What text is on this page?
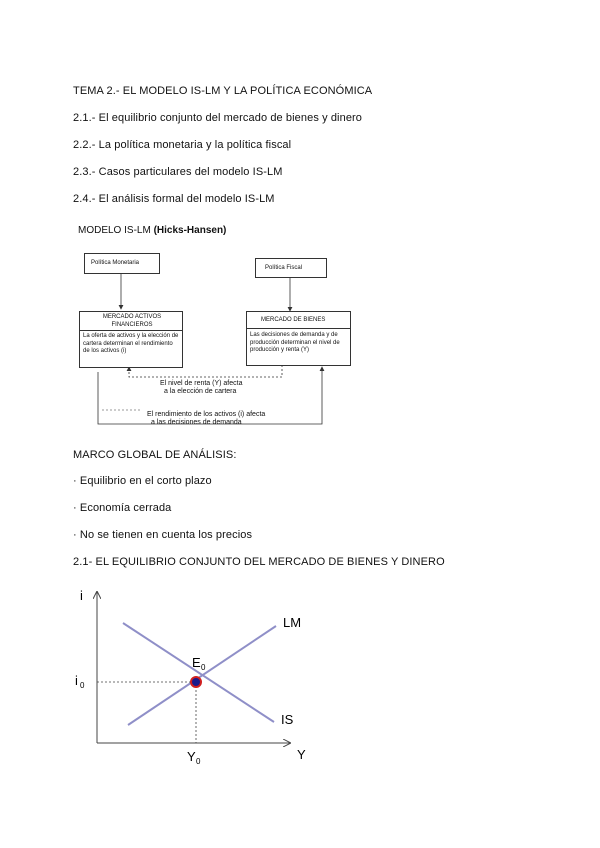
TEMA 2.- EL MODELO IS-LM Y LA POLÍTICA ECONÓMICA
2.1.- El equilibrio conjunto del mercado de bienes y dinero
2.2.- La política monetaria y la política fiscal
2.3.- Casos particulares del modelo IS-LM
2.4.- El análisis formal del modelo IS-LM
MODELO IS-LM (Hicks-Hansen)
Política Monetaria
Política Fiscal
MERCADO ACTIVOS FINANCIEROS
La oferta de activos y la elección de cartera determinan el rendimiento de los activos (i)
MERCADO DE BIENES
Las decisiones de demanda y de producción determinan el nivel de producción y renta (Y)
El nivel de renta (Y) afecta
a la elección de cartera
El rendimiento de los activos (i) afecta
a las decisiones de demanda
MARCO GLOBAL DE ANÁLISIS:
· Equilibrio en el corto plazo
· Economía cerrada
· No se tienen en cuenta los precios
2.1- EL EQUILIBRIO CONJUNTO DEL MERCADO DE BIENES Y DINERO
i
Y
LM
IS
E 0
i 0
Y 0
